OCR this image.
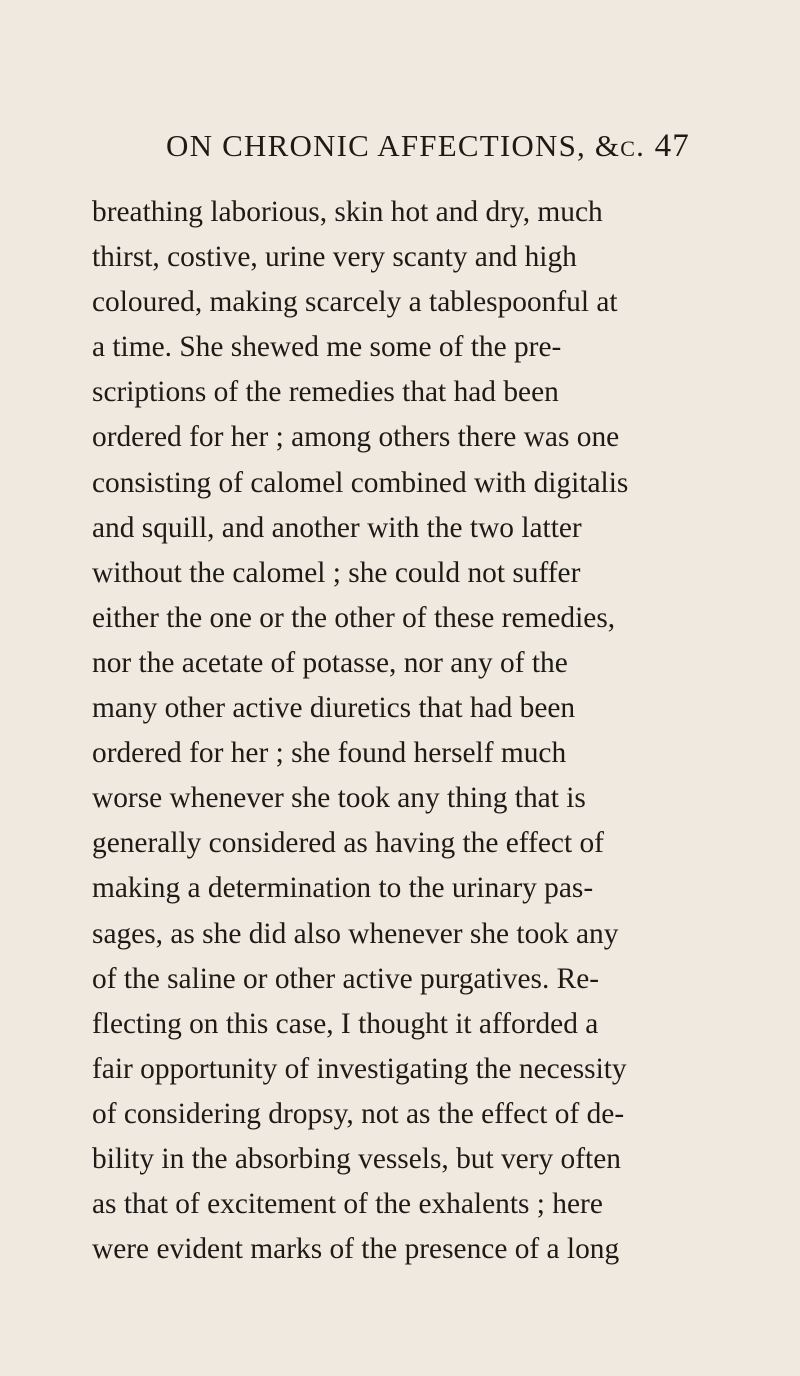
ON CHRONIC AFFECTIONS, &c. 47
breathing laborious, skin hot and dry, much
thirst, costive, urine very scanty and high
coloured, making scarcely a tablespoonful at
a time. She shewed me some of the pre-
scriptions of the remedies that had been
ordered for her ; among others there was one
consisting of calomel combined with digitalis
and squill, and another with the two latter
without the calomel ; she could not suffer
either the one or the other of these remedies,
nor the acetate of potasse, nor any of the
many other active diuretics that had been
ordered for her ; she found herself much
worse whenever she took any thing that is
generally considered as having the effect of
making a determination to the urinary pas-
sages, as she did also whenever she took any
of the saline or other active purgatives. Re-
flecting on this case, I thought it afforded a
fair opportunity of investigating the necessity
of considering dropsy, not as the effect of de-
bility in the absorbing vessels, but very often
as that of excitement of the exhalents ; here
were evident marks of the presence of a long
